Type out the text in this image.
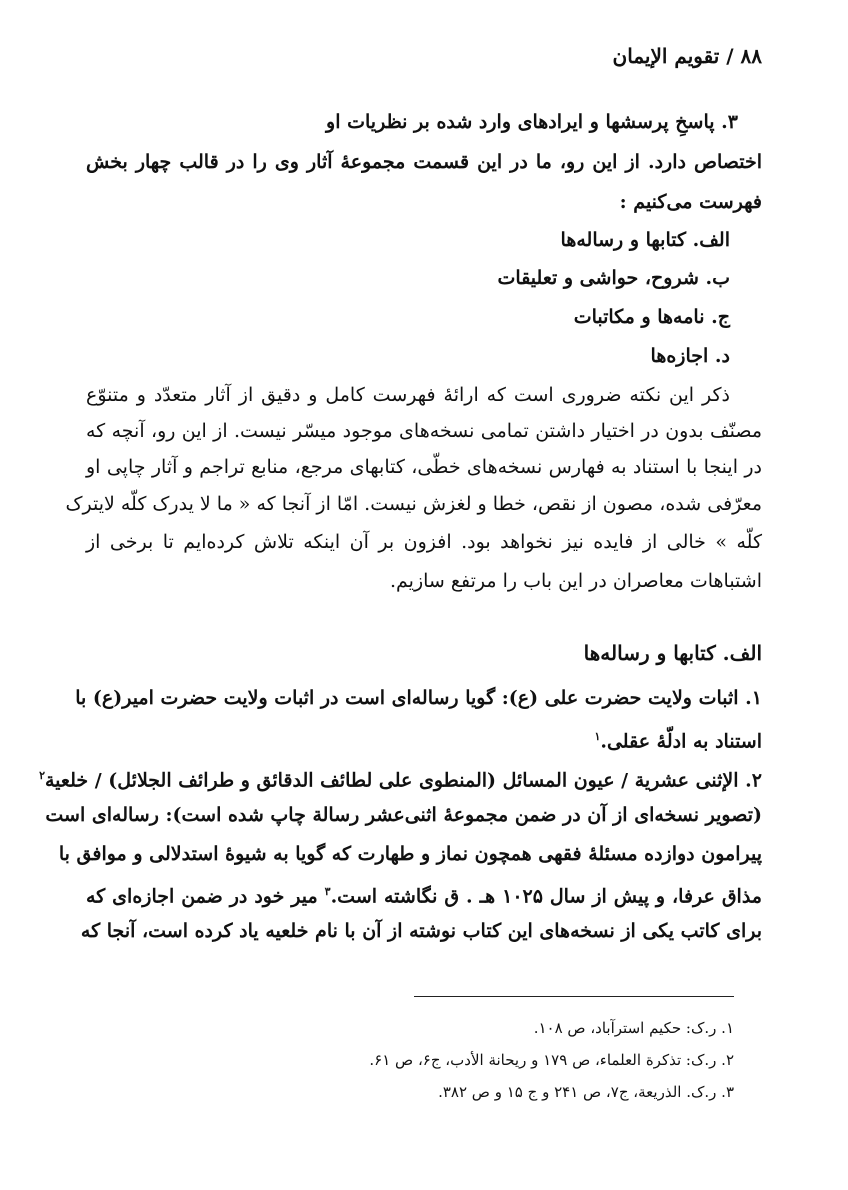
۸۸ / تقویم الإیمان
۳. پاسخِ پرسشها و ایرادهای وارد شده بر نظریات او
اختصاص دارد. از این رو، ما در این قسمت مجموعهٔ آثار وی را در قالب چهار بخش
فهرست می‌کنیم :
الف. کتابها و رساله‌ها
ب. شروح، حواشی و تعلیقات
ج. نامه‌ها و مکاتبات
د. اجازه‌ها
ذکر این نکته ضروری است که ارائهٔ فهرست کامل و دقیق از آثار متعدّد و متنوّع
مصنّف بدون در اختیار داشتن تمامی نسخه‌های موجود میسّر نیست. از این رو، آنچه که
در اینجا با استناد به فهارس نسخه‌های خطّی، کتابهای مرجع، منابع تراجم و آثار چاپی او
معرّفی شده، مصون از نقص، خطا و لغزش نیست. امّا از آنجا که « ما لا یدرک کلّه لایترک
کلّه » خالی از فایده نیز نخواهد بود. افزون بر آن اینکه تلاش کرده‌ایم تا برخی از
اشتباهات معاصران در این باب را مرتفع سازیم.
الف. کتابها و رساله‌ها
۱. اثبات ولایت حضرت علی (ع): گویا رساله‌ای است در اثبات ولایت حضرت امیر(ع) با
استناد به ادلّهٔ عقلی.$^۱$
۲. الإثنی عشرية / عیون المسائل (المنطوی علی لطائف الدقائق و طرائف الجلائل) / خلعیة$^۲$
(تصویر نسخه‌ای از آن در ضمن مجموعهٔ اثنی‌عشر رسالة چاپ شده است): رساله‌ای است
پیرامون دوازده مسئلهٔ فقهی همچون نماز و طهارت که گویا به شیوهٔ استدلالی و موافق با
مذاق عرفا، و پیش از سال ۱۰۲۵ هـ . ق نگاشته است.$^۳$ میر خود در ضمن اجازه‌ای که
برای کاتب یکی از نسخه‌های این کتاب نوشته از آن با نام خلعیه یاد کرده است، آنجا که
۱. ر.ک: حکیم استرآباد، ص ۱۰۸.
۲. ر.ک: تذکرة العلماء، ص ۱۷۹ و ریحانة الأدب، ج۶، ص ۶۱.
۳. ر.ک. الذریعة، ج۷، ص ۲۴۱ و ج ۱۵ و ص ۳۸۲.
